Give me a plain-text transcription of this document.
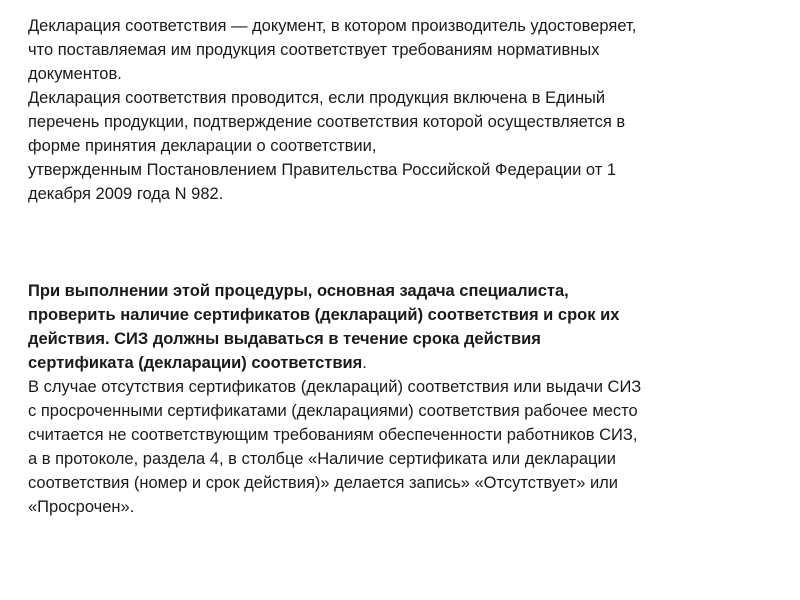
Декларация соответствия — документ, в котором производитель удостоверяет,
что поставляемая им продукция соответствует требованиям нормативных
документов.
Декларация соответствия проводится, если продукция включена в Единый
перечень продукции, подтверждение соответствия которой осуществляется в
форме принятия декларации о соответствии,
утвержденным Постановлением Правительства Российской Федерации от 1
декабря 2009 года N 982.
При выполнении этой процедуры, основная задача специалиста,
проверить наличие сертификатов (деклараций) соответствия и срок их
действия. СИЗ должны выдаваться в течение срока действия
сертификата (декларации) соответствия.
В случае отсутствия сертификатов (деклараций) соответствия или выдачи СИЗ
с просроченными сертификатами (декларациями) соответствия рабочее место
считается не соответствующим требованиям обеспеченности работников СИЗ,
а в протоколе, раздела 4, в столбце «Наличие сертификата или декларации
соответствия (номер и срок действия)» делается запись» «Отсутствует» или
«Просрочен».
